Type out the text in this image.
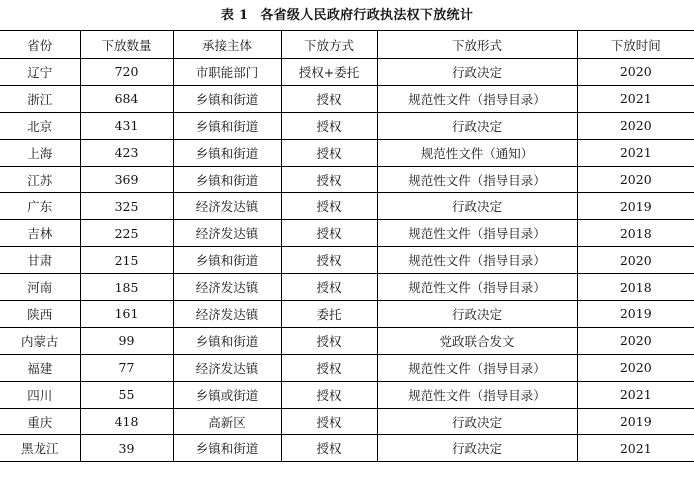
表 1 各省级人民政府行政执法权下放统计
省份	下放数量	承接主体	下放方式	下放形式	下放时间
辽宁	720	市职能部门	授权+委托	行政决定	2020
浙江	684	乡镇和街道	授权	规范性文件（指导目录）	2021
北京	431	乡镇和街道	授权	行政决定	2020
上海	423	乡镇和街道	授权	规范性文件（通知）	2021
江苏	369	乡镇和街道	授权	规范性文件（指导目录）	2020
广东	325	经济发达镇	授权	行政决定	2019
吉林	225	经济发达镇	授权	规范性文件（指导目录）	2018
甘肃	215	乡镇和街道	授权	规范性文件（指导目录）	2020
河南	185	经济发达镇	授权	规范性文件（指导目录）	2018
陕西	161	经济发达镇	委托	行政决定	2019
内蒙古	99	乡镇和街道	授权	党政联合发文	2020
福建	77	经济发达镇	授权	规范性文件（指导目录）	2020
四川	55	乡镇或街道	授权	规范性文件（指导目录）	2021
重庆	418	高新区	授权	行政决定	2019
黑龙江	39	乡镇和街道	授权	行政决定	2021
